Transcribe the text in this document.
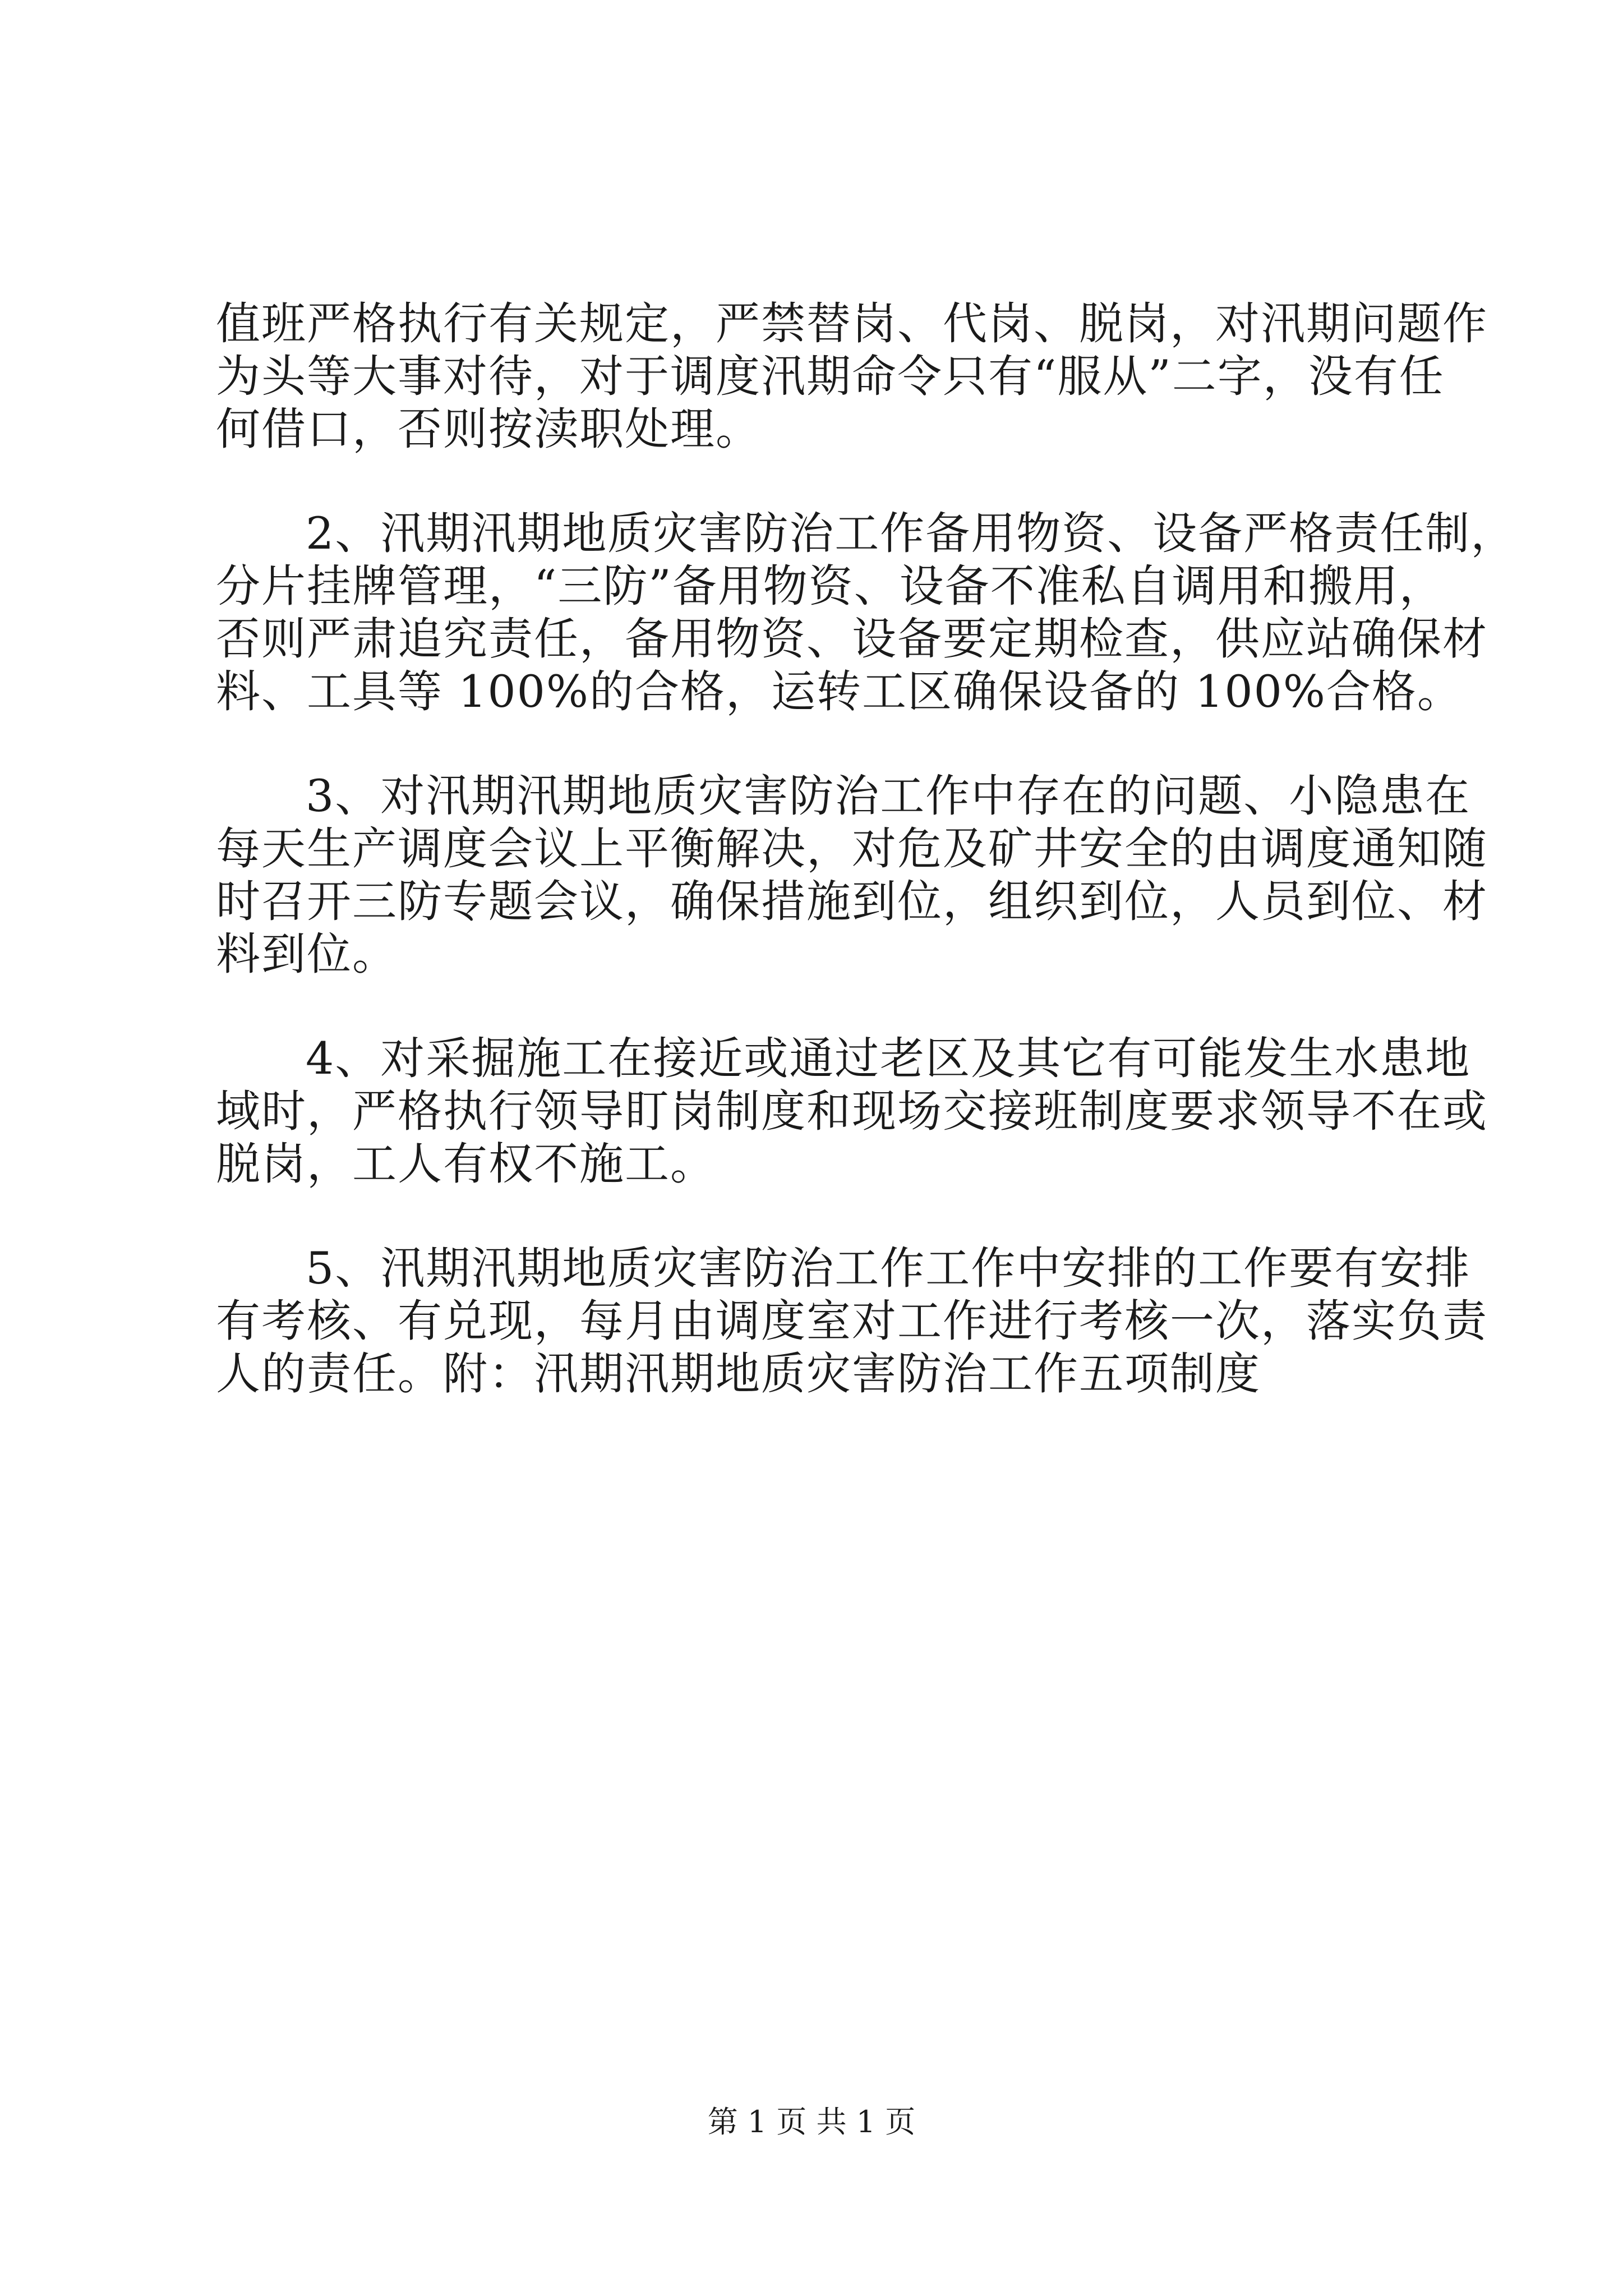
值班严格执行有关规定，严禁替岗、代岗、脱岗，对汛期问题作

为头等大事对待，对于调度汛期命令只有“服从”二字，没有任

何借口，否则按渎职处理。

2、汛期汛期地质灾害防治工作备用物资、设备严格责任制，

分片挂牌管理，“三防”备用物资、设备不准私自调用和搬用，

否则严肃追究责任，备用物资、设备要定期检查，供应站确保材

料、工具等 100%的合格，运转工区确保设备的 100%合格。

3、对汛期汛期地质灾害防治工作中存在的问题、小隐患在

每天生产调度会议上平衡解决，对危及矿井安全的由调度通知随

时召开三防专题会议，确保措施到位，组织到位，人员到位、材

料到位。

4、对采掘施工在接近或通过老区及其它有可能发生水患地

域时，严格执行领导盯岗制度和现场交接班制度要求领导不在或

脱岗，工人有权不施工。

5、汛期汛期地质灾害防治工作工作中安排的工作要有安排

有考核、有兑现，每月由调度室对工作进行考核一次，落实负责

人的责任。附：汛期汛期地质灾害防治工作五项制度

第 1 页 共 1 页
